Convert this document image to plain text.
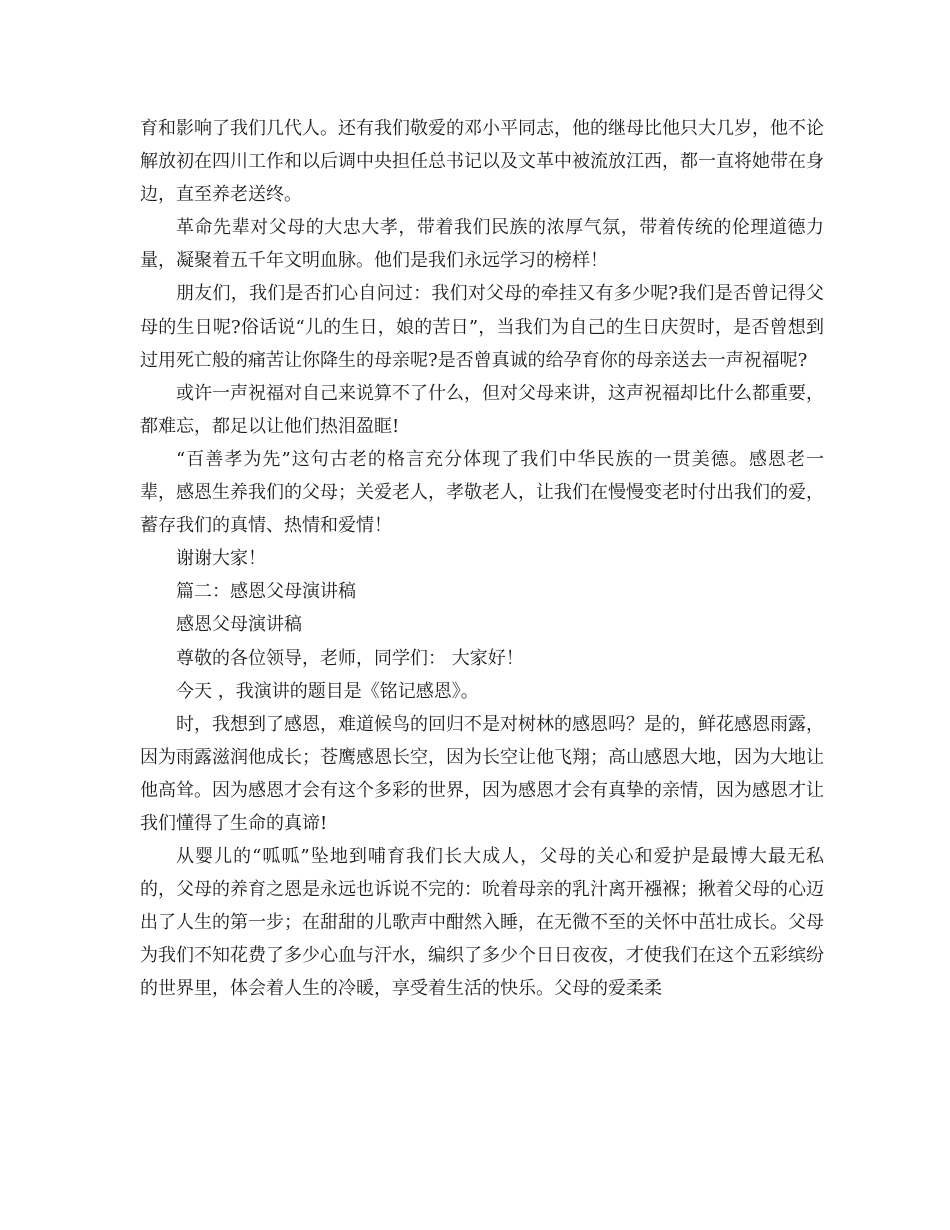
育和影响了我们几代人。还有我们敬爱的邓小平同志，他的继母比他只大几岁，他不论解放初在四川工作和以后调中央担任总书记以及文革中被流放江西，都一直将她带在身边，直至养老送终。

革命先辈对父母的大忠大孝，带着我们民族的浓厚气氛，带着传统的伦理道德力量，凝聚着五千年文明血脉。他们是我们永远学习的榜样！

朋友们，我们是否扪心自问过：我们对父母的牵挂又有多少呢?我们是否曾记得父母的生日呢?俗话说“儿的生日，娘的苦日”，当我们为自己的生日庆贺时，是否曾想到过用死亡般的痛苦让你降生的母亲呢?是否曾真诚的给孕育你的母亲送去一声祝福呢?

或许一声祝福对自己来说算不了什么，但对父母来讲，这声祝福却比什么都重要，都难忘，都足以让他们热泪盈眶!

“百善孝为先”这句古老的格言充分体现了我们中华民族的一贯美德。感恩老一辈，感恩生养我们的父母；关爱老人，孝敬老人，让我们在慢慢变老时付出我们的爱，蓄存我们的真情、热情和爱情！

谢谢大家！

篇二：感恩父母演讲稿

感恩父母演讲稿

尊敬的各位领导，老师，同学们： 大家好！

今天 ，我演讲的题目是《铭记感恩》。

时，我想到了感恩，难道候鸟的回归不是对树林的感恩吗？是的，鲜花感恩雨露，因为雨露滋润他成长；苍鹰感恩长空，因为长空让他飞翔；高山感恩大地，因为大地让他高耸。因为感恩才会有这个多彩的世界，因为感恩才会有真挚的亲情，因为感恩才让我们懂得了生命的真谛!

从婴儿的“呱呱”坠地到哺育我们长大成人，父母的关心和爱护是最博大最无私的，父母的养育之恩是永远也诉说不完的：吮着母亲的乳汁离开襁褓；揪着父母的心迈出了人生的第一步；在甜甜的儿歌声中酣然入睡，在无微不至的关怀中茁壮成长。父母为我们不知花费了多少心血与汗水，编织了多少个日日夜夜，才使我们在这个五彩缤纷的世界里，体会着人生的冷暖，享受着生活的快乐。父母的爱柔柔
